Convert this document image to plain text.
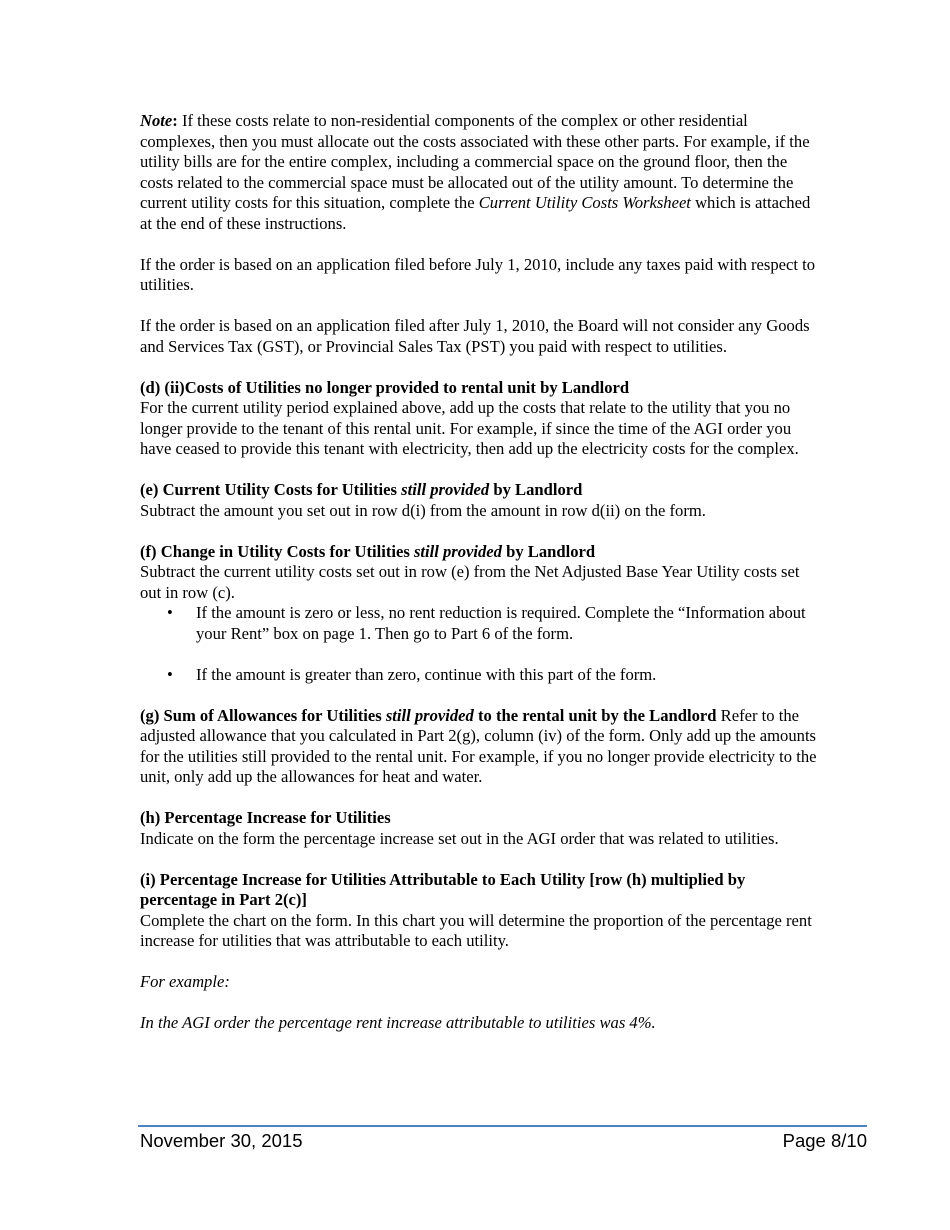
Note: If these costs relate to non-residential components of the complex or other residential complexes, then you must allocate out the costs associated with these other parts. For example, if the utility bills are for the entire complex, including a commercial space on the ground floor, then the costs related to the commercial space must be allocated out of the utility amount. To determine the current utility costs for this situation, complete the Current Utility Costs Worksheet which is attached at the end of these instructions.

If the order is based on an application filed before July 1, 2010, include any taxes paid with respect to utilities.

If the order is based on an application filed after July 1, 2010, the Board will not consider any Goods and Services Tax (GST), or Provincial Sales Tax (PST) you paid with respect to utilities.

(d) (ii)Costs of Utilities no longer provided to rental unit by Landlord
For the current utility period explained above, add up the costs that relate to the utility that you no longer provide to the tenant of this rental unit. For example, if since the time of the AGI order you have ceased to provide this tenant with electricity, then add up the electricity costs for the complex.

(e) Current Utility Costs for Utilities still provided by Landlord
Subtract the amount you set out in row d(i) from the amount in row d(ii) on the form.

(f) Change in Utility Costs for Utilities still provided by Landlord
Subtract the current utility costs set out in row (e) from the Net Adjusted Base Year Utility costs set out in row (c).
• If the amount is zero or less, no rent reduction is required. Complete the “Information about your Rent” box on page 1. Then go to Part 6 of the form.
• If the amount is greater than zero, continue with this part of the form.

(g) Sum of Allowances for Utilities still provided to the rental unit by the Landlord Refer to the adjusted allowance that you calculated in Part 2(g), column (iv) of the form. Only add up the amounts for the utilities still provided to the rental unit. For example, if you no longer provide electricity to the unit, only add up the allowances for heat and water.

(h) Percentage Increase for Utilities
Indicate on the form the percentage increase set out in the AGI order that was related to utilities.

(i) Percentage Increase for Utilities Attributable to Each Utility [row (h) multiplied by percentage in Part 2(c)]
Complete the chart on the form. In this chart you will determine the proportion of the percentage rent increase for utilities that was attributable to each utility.

For example:

In the AGI order the percentage rent increase attributable to utilities was 4%.

November 30, 2015	Page 8/10
